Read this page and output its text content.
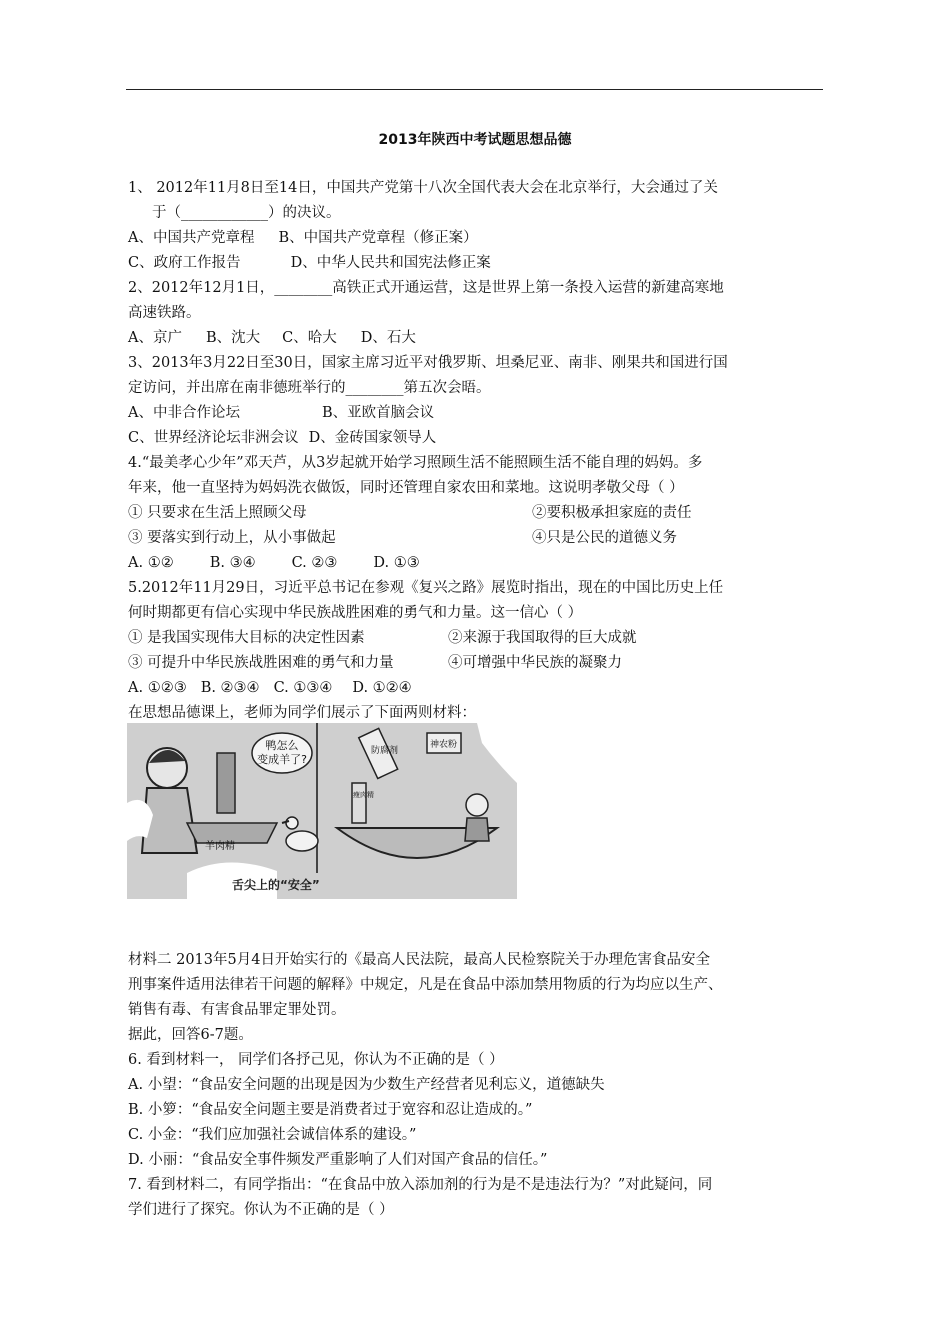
2013年陕西中考试题思想品德
1、 2012年11月8日至14日，中国共产党第十八次全国代表大会在北京举行，大会通过了关
于（____________）的决议。
A、中国共产党章程 B、中国共产党章程（修正案）
C、政府工作报告	D、中华人民共和国宪法修正案
2、2012年12月1日，________高铁正式开通运营，这是世界上第一条投入运营的新建高寒地
高速铁路。
A、京广 B、沈大 C、哈大 D、石大
3、2013年3月22日至30日，国家主席习近平对俄罗斯、坦桑尼亚、南非、刚果共和国进行国
定访问，并出席在南非德班举行的________第五次会晤。
A、中非合作论坛	B、亚欧首脑会议
C、世界经济论坛非洲会议 D、金砖国家领导人
4.“最美孝心少年”邓天芦，从3岁起就开始学习照顾生活不能照顾生活不能自理的妈妈。多
年来，他一直坚持为妈妈洗衣做饭，同时还管理自家农田和菜地。这说明孝敬父母（ ）
① 只要求在生活上照顾父母	②要积极承担家庭的责任
③ 要落实到行动上，从小事做起	④只是公民的道德义务
A. ①② B. ③④ C. ②③ D. ①③
5.2012年11月29日，习近平总书记在参观《复兴之路》展览时指出，现在的中国比历史上任
何时期都更有信心实现中华民族战胜困难的勇气和力量。这一信心（ ）
① 是我国实现伟大目标的决定性因素	②来源于我国取得的巨大成就
③ 可提升中华民族战胜困难的勇气和力量	④可增强中华民族的凝聚力
A. ①②③ B. ②③④ C. ①③④ D. ①②④
在思想品德课上，老师为同学们展示了下面两则材料：
鸭怎么
变成羊了?
羊肉精
防腐剂
神农粉
瘦肉精
舌尖上的“安全”
材料二 2013年5月4日开始实行的《最高人民法院，最高人民检察院关于办理危害食品安全
刑事案件适用法律若干问题的解释》中规定，凡是在食品中添加禁用物质的行为均应以生产、
销售有毒、有害食品罪定罪处罚。
据此，回答6-7题。
6. 看到材料一， 同学们各抒己见，你认为不正确的是（ ）
A. 小望：“食品安全问题的出现是因为少数生产经营者见利忘义，道德缺失
B. 小箩：“食品安全问题主要是消费者过于宽容和忍让造成的。”
C. 小金：“我们应加强社会诚信体系的建设。”
D. 小丽：“食品安全事件频发严重影响了人们对国产食品的信任。”
7. 看到材料二，有同学指出：“在食品中放入添加剂的行为是不是违法行为？”对此疑问，同
学们进行了探究。你认为不正确的是（ ）
